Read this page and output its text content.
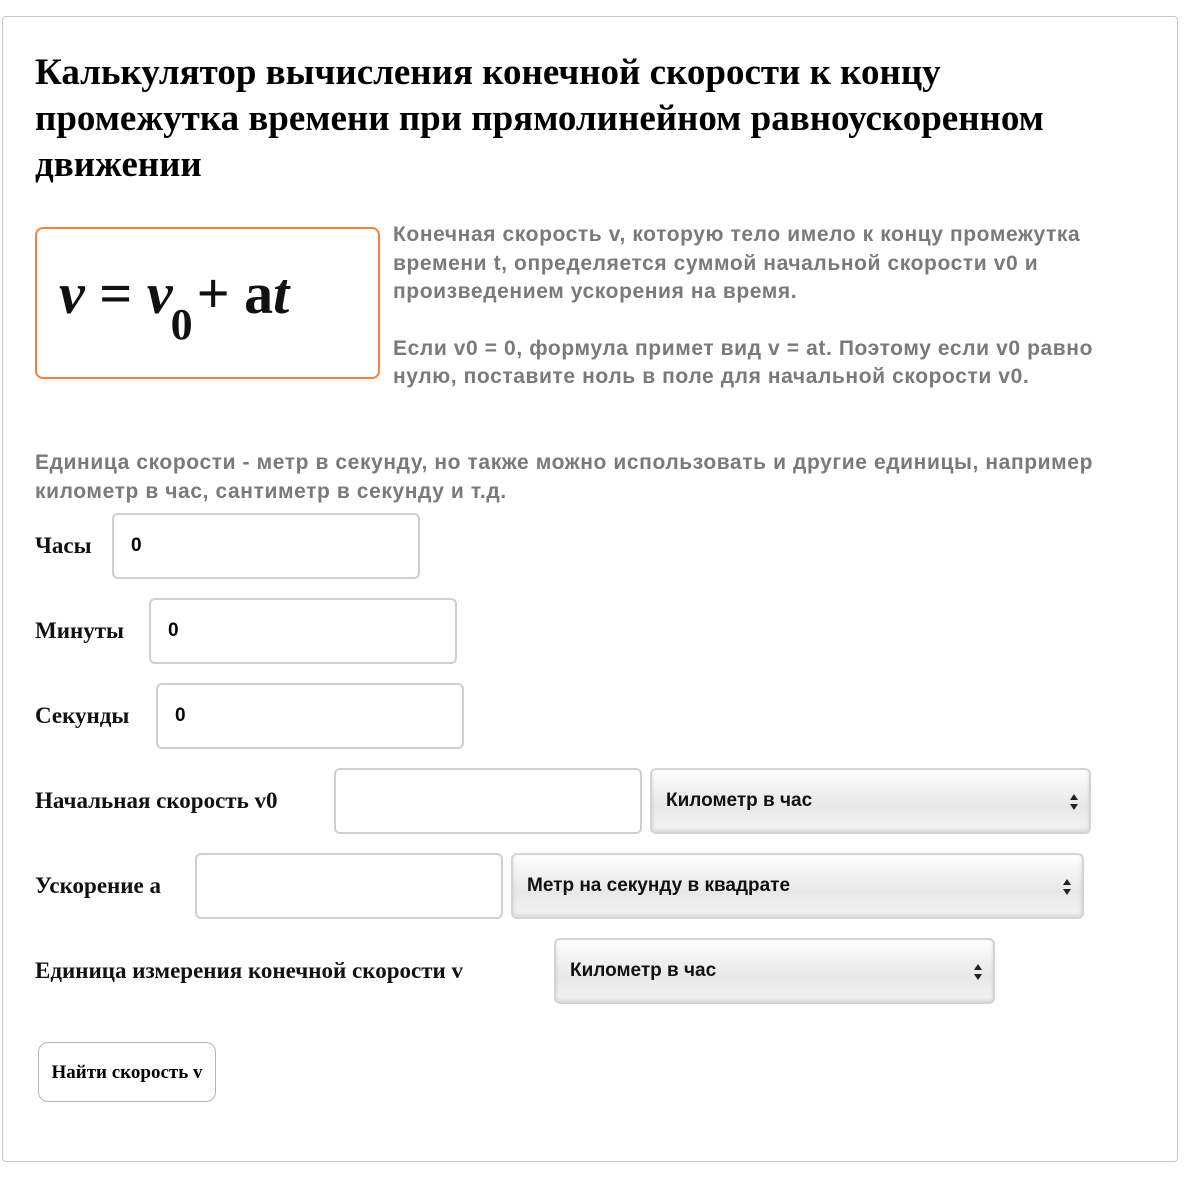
Калькулятор вычисления конечной скорости к концу промежутка времени при прямолинейном равноускоренном движении
$v = v_0+$ at

Конечная скорость v, которую тело имело к концу промежутка времени t, определяется суммой начальной скорости v0 и произведением ускорения на время.

Если v0 = 0, формула примет вид v = at. Поэтому если v0 равно нулю, поставите ноль в поле для начальной скорости v0.

Единица скорости - метр в секунду, но также можно использовать и другие единицы, например километр в час, сантиметр в секунду и т.д.

Часы
0
Минуты
0
Секунды
0
Начальная скорость v0	Километр в час
Ускорение a	Метр на секунду в квадрате
Единица измерения конечной скорости v	Километр в час
Найти скорость v
